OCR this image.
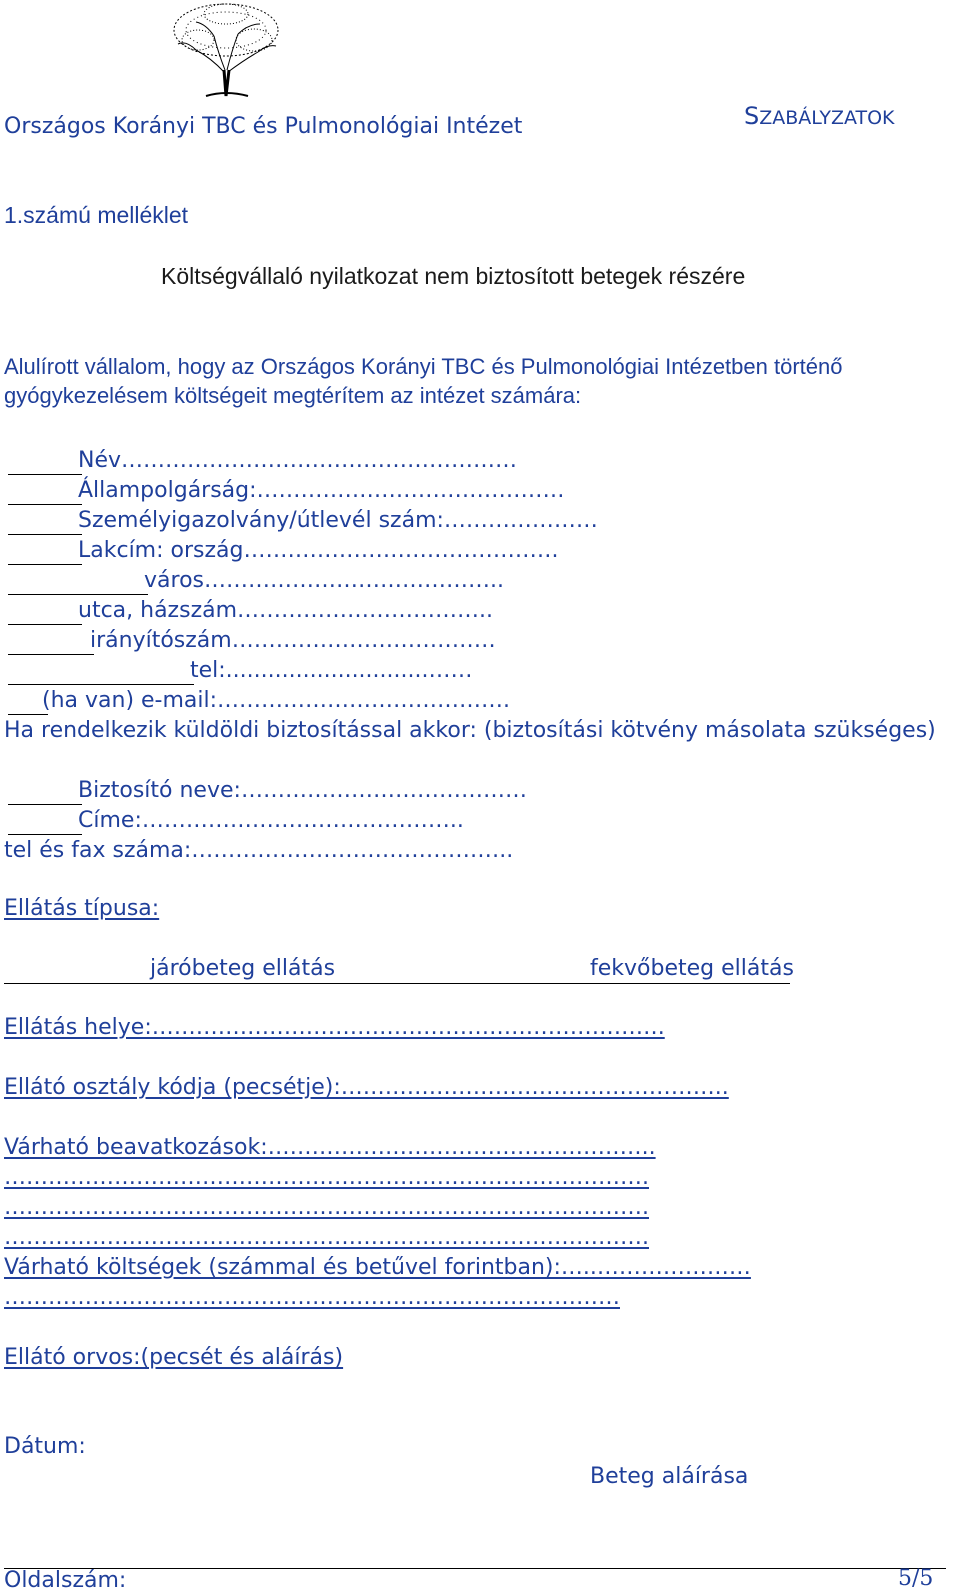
Országos Korányi TBC és Pulmonológiai Intézet	SZABÁLYZATOK
1.számú melléklet
Költségvállaló nyilatkozat nem biztosított betegek részére
Alulírott vállalom, hogy az Országos Korányi TBC és Pulmonológiai Intézetben történő
gyógykezelésem költségeit megtérítem az intézet számára:
Név………………………………………………
Állampolgárság:……………………………………
Személyigazolvány/útlevél szám:…………………
Lakcím: ország…………………………………….
város…………………………………..
utca, házszám……………………………..
irányítószám………………………………
tel:.............................……
(ha van) e-mail:………………………………….
Ha rendelkezik küldöldi biztosítással akkor: (biztosítási kötvény másolata szükséges)
Biztosító neve:…………………………………
Címe:……………………………………..
tel és fax száma:……………………………………..
Ellátás típusa:
járóbeteg ellátás	fekvőbeteg ellátás
Ellátás helye:…………………………………………………………….
Ellátó osztály kódja (pecsétje):……………………………………………..
Várható beavatkozások:……………………………………………..
…………………………………………………………………………….
…………………………………………………………………………….
…………………………………………………………………………….
Várható költségek (számmal és betűvel forintban):…..…………………
…………………………………………………………………………
Ellátó orvos:(pecsét és aláírás)
Dátum:
Beteg aláírása
Oldalszám:	5/5
